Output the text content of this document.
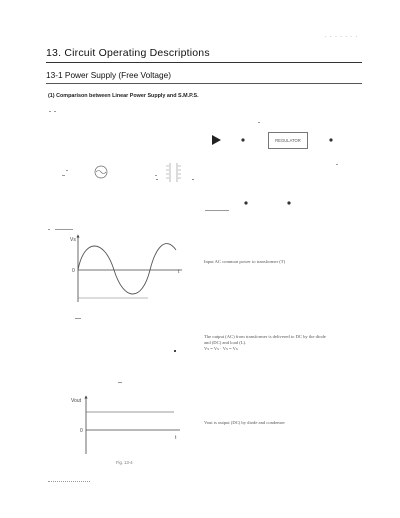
· · · · · · ·
13. Circuit Operating Descriptions
13-1 Power Supply (Free Voltage)
(1) Comparison between Linear Power Supply and S.M.P.S.
REGULATOR
Vs
0	t
Input AC common power to transformer (T)
The output (AC) from transformer is delivered to DC by the diode
and (DC) and load (L).
Vs = Vs · Vs = Vs
Vout
0
t
Vout is output (DC) by diode and condenser
Fig. 13-4
